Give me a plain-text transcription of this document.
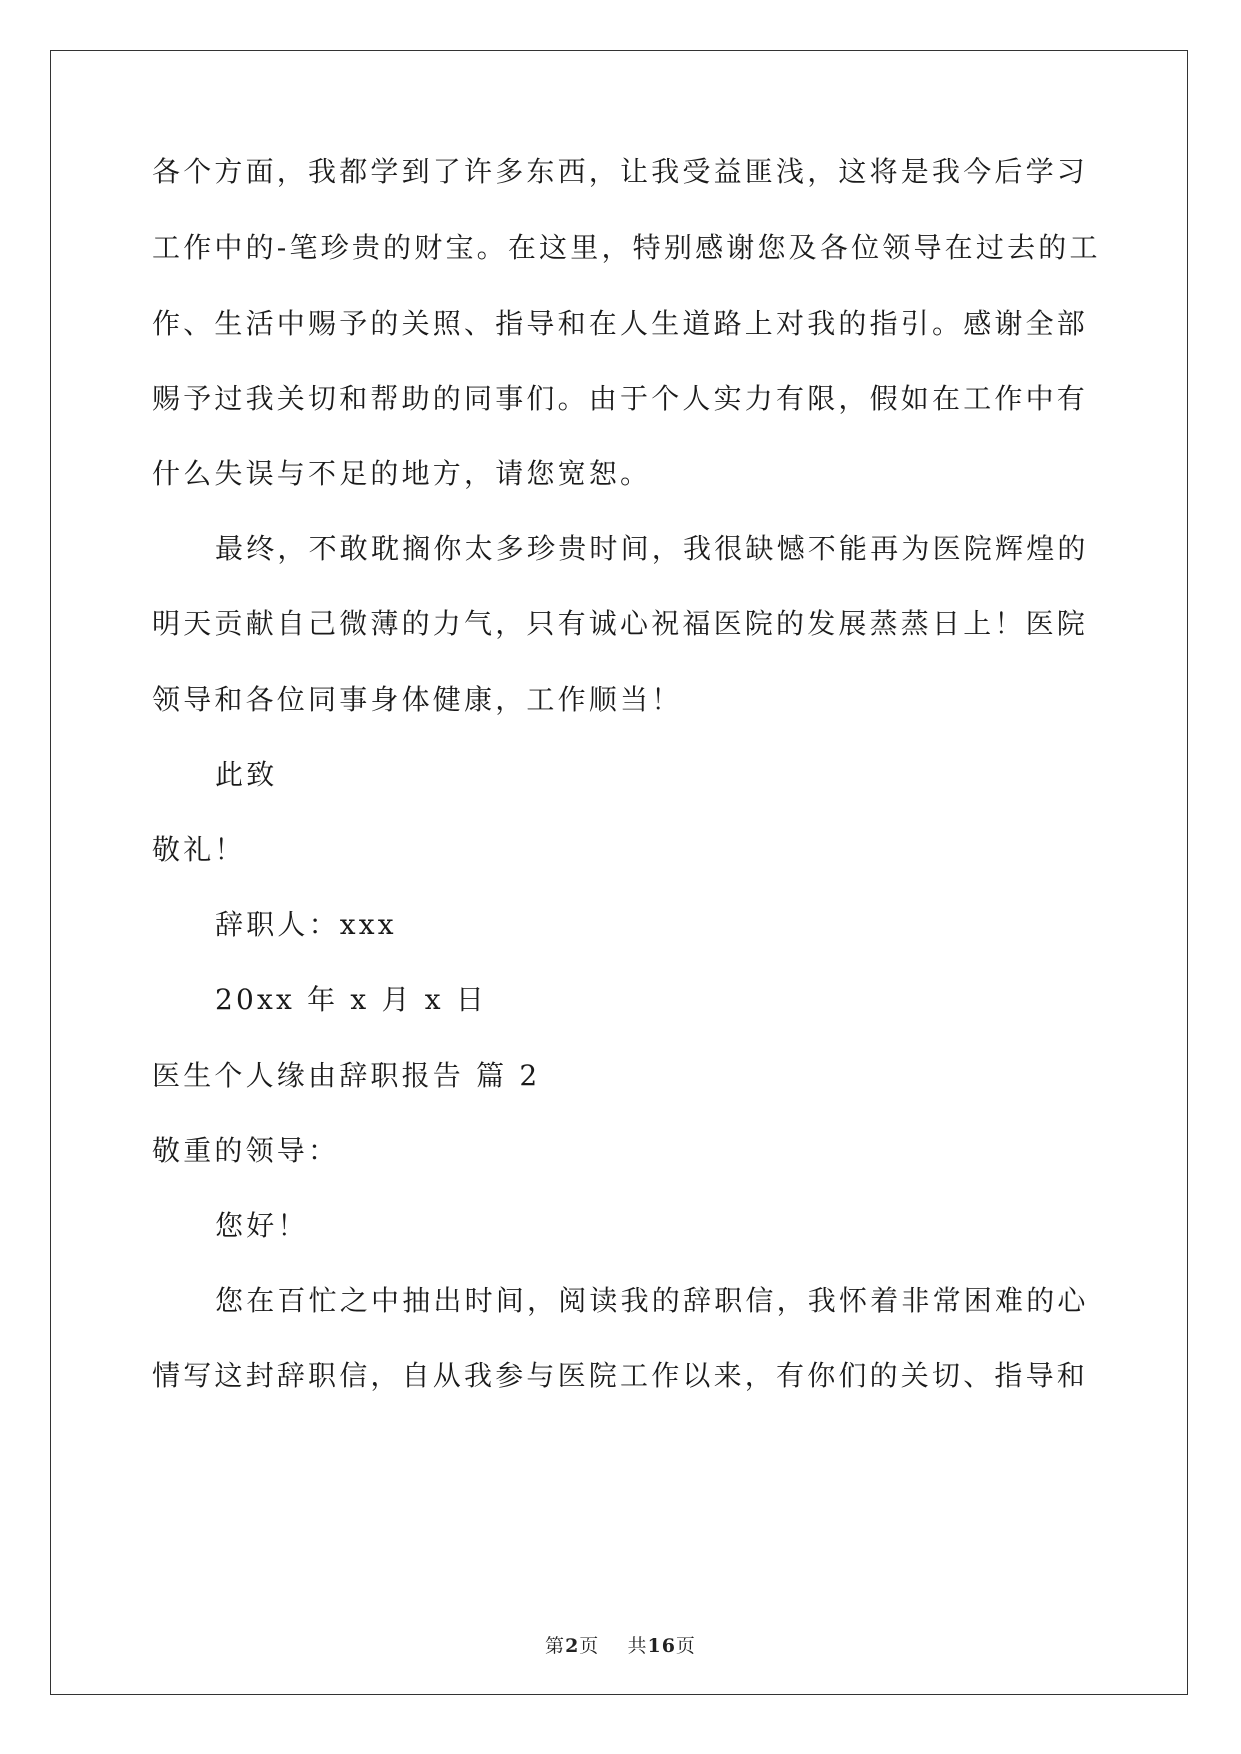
各个方面，我都学到了许多东西，让我受益匪浅，这将是我今后学习
工作中的-笔珍贵的财宝。在这里，特别感谢您及各位领导在过去的工
作、生活中赐予的关照、指导和在人生道路上对我的指引。感谢全部
赐予过我关切和帮助的同事们。由于个人实力有限，假如在工作中有
什么失误与不足的地方，请您宽恕。
最终，不敢耽搁你太多珍贵时间，我很缺憾不能再为医院辉煌的
明天贡献自己微薄的力气，只有诚心祝福医院的发展蒸蒸日上！医院
领导和各位同事身体健康，工作顺当！
此致
敬礼！
辞职人：xxx
20xx 年 x 月 x 日
医生个人缘由辞职报告 篇 2
敬重的领导：
您好！
您在百忙之中抽出时间，阅读我的辞职信，我怀着非常困难的心
情写这封辞职信，自从我参与医院工作以来，有你们的关切、指导和
第2页    共16页
